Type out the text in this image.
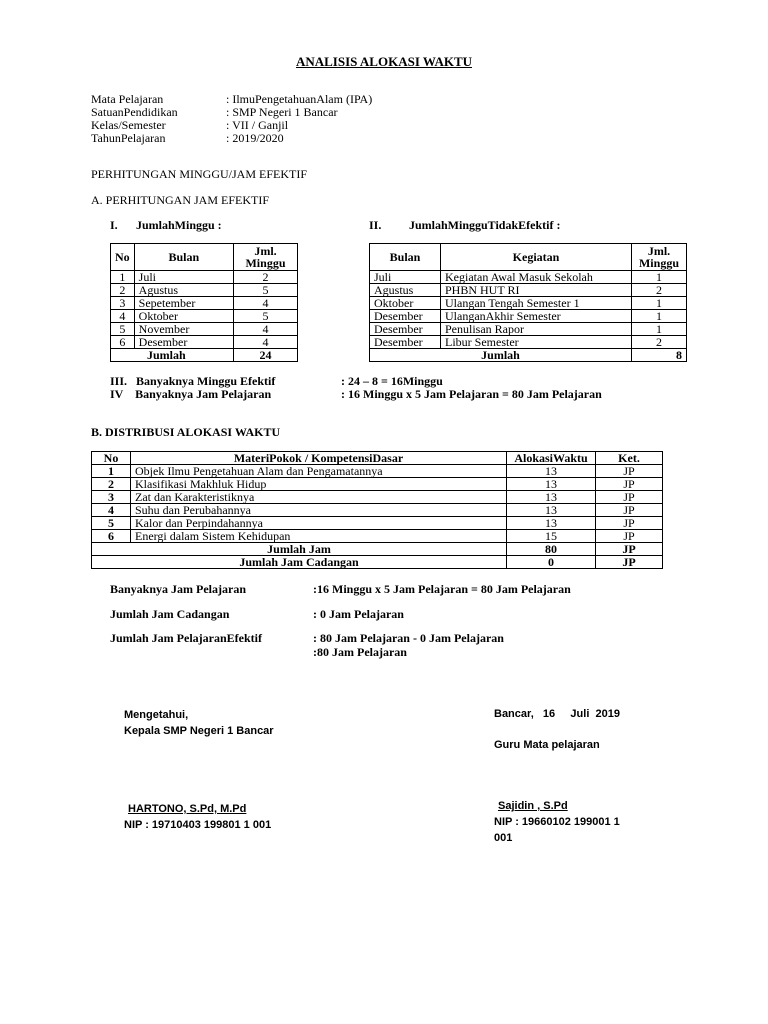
ANALISIS ALOKASI WAKTU
Mata Pelajaran	: IlmuPengetahuanAlam (IPA)
SatuanPendidikan	: SMP Negeri 1 Bancar
Kelas/Semester	: VII / Ganjil
TahunPelajaran	: 2019/2020
PERHITUNGAN MINGGU/JAM EFEKTIF
A. PERHITUNGAN JAM EFEKTIF
I. JumlahMinggu :	II. JumlahMingguTidakEfektif :
No	Bulan	Jml. Minggu
1	Juli	2
2	Agustus	5
3	Sepetember	4
4	Oktober	5
5	November	4
6	Desember	4
Jumlah		24
Bulan	Kegiatan	Jml. Minggu
Juli	Kegiatan Awal Masuk Sekolah	1
Agustus	PHBN HUT RI	2
Oktober	Ulangan Tengah Semester 1	1
Desember	UlanganAkhir Semester	1
Desember	Penulisan Rapor	1
Desember	Libur Semester	2
Jumlah		8
III.   Banyaknya Minggu Efektif	: 24 – 8 = 16Minggu
IV    Banyaknya Jam Pelajaran	: 16 Minggu x 5 Jam Pelajaran = 80 Jam Pelajaran
B. DISTRIBUSI ALOKASI WAKTU
No	MateriPokok / KompetensiDasar	AlokasiWaktu	Ket.
1	Objek Ilmu Pengetahuan Alam dan Pengamatannya	13	JP
2	Klasifikasi Makhluk Hidup	13	JP
3	Zat dan Karakteristiknya	13	JP
4	Suhu dan Perubahannya	13	JP
5	Kalor dan Perpindahannya	13	JP
6	Energi dalam Sistem Kehidupan	15	JP
Jumlah Jam		80	JP
Jumlah Jam Cadangan		0	JP
Banyaknya Jam Pelajaran	:16 Minggu x 5 Jam Pelajaran = 80 Jam Pelajaran
Jumlah Jam Cadangan	: 0 Jam Pelajaran
Jumlah Jam PelajaranEfektif	: 80 Jam Pelajaran - 0 Jam Pelajaran
:80 Jam Pelajaran
Mengetahui,
Kepala SMP Negeri 1 Bancar
HARTONO, S.Pd, M.Pd
NIP : 19710403 199801 1 001
Bancar,   16     Juli  2019
Guru Mata pelajaran
Sajidin , S.Pd
NIP : 19660102 199001 1
001
